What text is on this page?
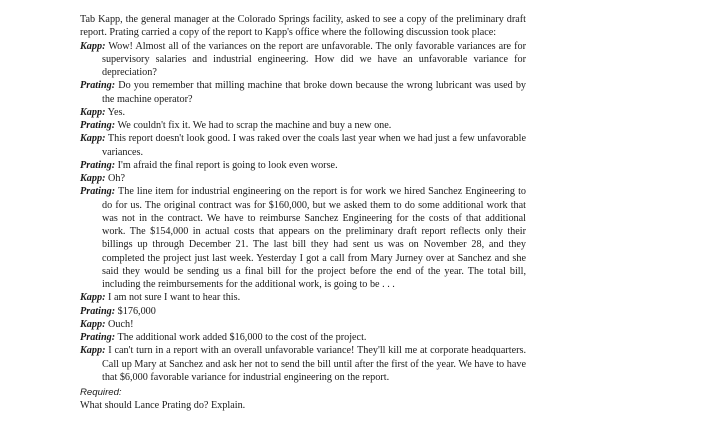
Tab Kapp, the general manager at the Colorado Springs facility, asked to see a copy of the preliminary draft report. Prating carried a copy of the report to Kapp's office where the following discussion took place:

Kapp: Wow! Almost all of the variances on the report are unfavorable. The only favorable variances are for supervisory salaries and industrial engineering. How did we have an unfavorable variance for depreciation?

Prating: Do you remember that milling machine that broke down because the wrong lubricant was used by the machine operator?

Kapp: Yes.

Prating: We couldn't fix it. We had to scrap the machine and buy a new one.

Kapp: This report doesn't look good. I was raked over the coals last year when we had just a few unfavorable variances.

Prating: I'm afraid the final report is going to look even worse.

Kapp: Oh?

Prating: The line item for industrial engineering on the report is for work we hired Sanchez Engineering to do for us. The original contract was for $160,000, but we asked them to do some additional work that was not in the contract. We have to reimburse Sanchez Engineering for the costs of that additional work. The $154,000 in actual costs that appears on the preliminary draft report reflects only their billings up through December 21. The last bill they had sent us was on November 28, and they completed the project just last week. Yesterday I got a call from Mary Jurney over at Sanchez and she said they would be sending us a final bill for the project before the end of the year. The total bill, including the reimbursements for the additional work, is going to be . . .

Kapp: I am not sure I want to hear this.

Prating: $176,000

Kapp: Ouch!

Prating: The additional work added $16,000 to the cost of the project.

Kapp: I can't turn in a report with an overall unfavorable variance! They'll kill me at corporate headquarters. Call up Mary at Sanchez and ask her not to send the bill until after the first of the year. We have to have that $6,000 favorable variance for industrial engineering on the report.

Required:

What should Lance Prating do? Explain.
